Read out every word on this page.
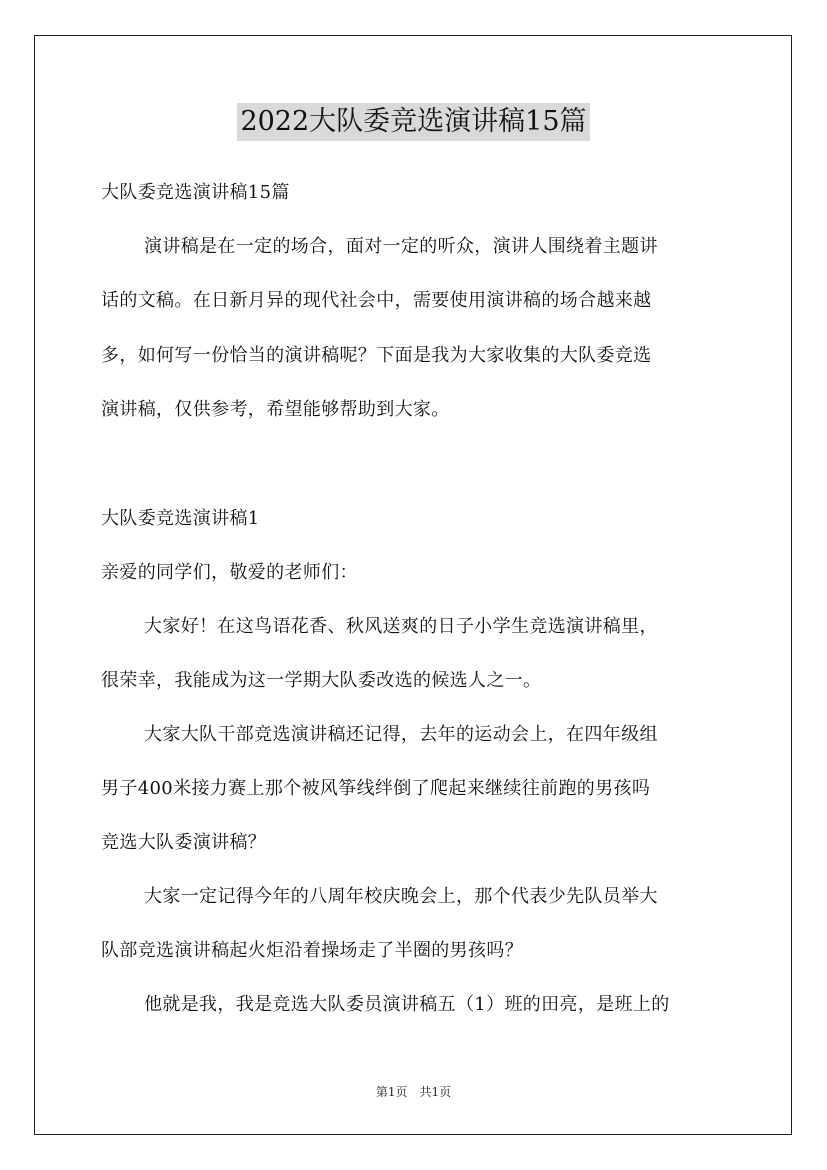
2022大队委竞选演讲稿15篇
大队委竞选演讲稿15篇
演讲稿是在一定的场合，面对一定的听众，演讲人围绕着主题讲
话的文稿。在日新月异的现代社会中，需要使用演讲稿的场合越来越
多，如何写一份恰当的演讲稿呢？下面是我为大家收集的大队委竞选
演讲稿，仅供参考，希望能够帮助到大家。
大队委竞选演讲稿1
亲爱的同学们，敬爱的老师们：
大家好！在这鸟语花香、秋风送爽的日子小学生竞选演讲稿里，
很荣幸，我能成为这一学期大队委改选的候选人之一。
大家大队干部竞选演讲稿还记得，去年的运动会上，在四年级组
男子400米接力赛上那个被风筝线绊倒了爬起来继续往前跑的男孩吗
竞选大队委演讲稿？
大家一定记得今年的八周年校庆晚会上，那个代表少先队员举大
队部竞选演讲稿起火炬沿着操场走了半圈的男孩吗？
他就是我，我是竞选大队委员演讲稿五（1）班的田亮，是班上的
第1页 共1页
